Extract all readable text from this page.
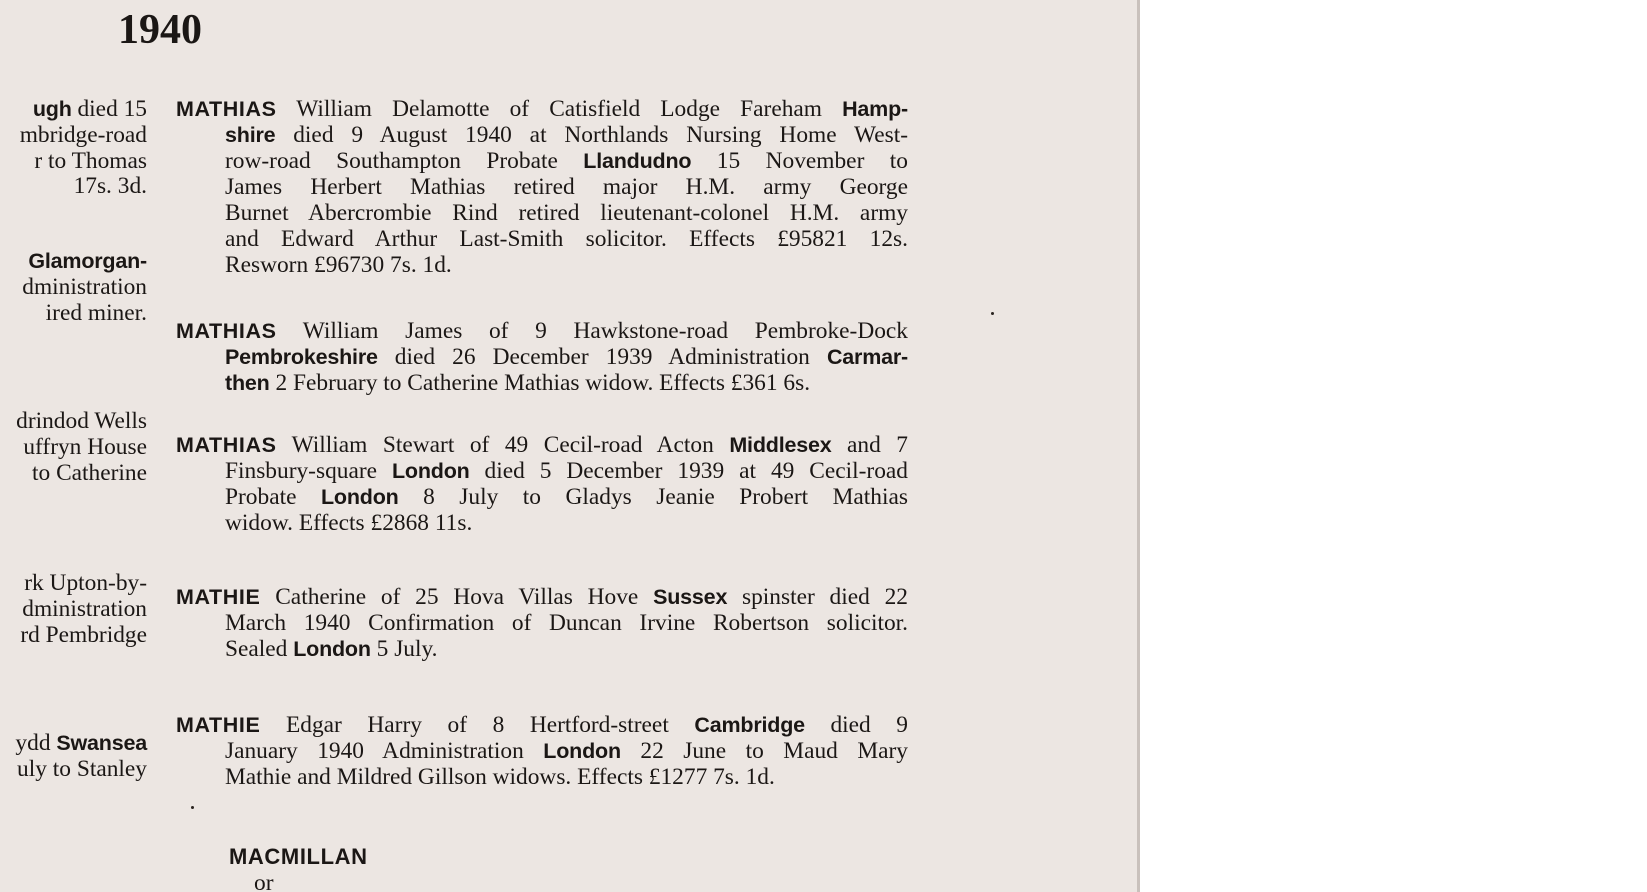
1940
ugh died 15
mbridge-road
r to Thomas
17s. 3d.
Glamorgan-
dministration
ired miner.
drindod Wells
uffryn House
to Catherine
rk Upton-by-
dministration
rd Pembridge
ydd Swansea
uly to Stanley
MATHIAS William Delamotte of Catisfield Lodge Fareham Hamp-
shire died 9 August 1940 at Northlands Nursing Home West-
row-road Southampton Probate Llandudno 15 November to
James Herbert Mathias retired major H.M. army George
Burnet Abercrombie Rind retired lieutenant-colonel H.M. army
and Edward Arthur Last-Smith solicitor. Effects £95821 12s.
Resworn £96730 7s. 1d.
MATHIAS William James of 9 Hawkstone-road Pembroke-Dock
Pembrokeshire died 26 December 1939 Administration Carmar-
then 2 February to Catherine Mathias widow. Effects £361 6s.
MATHIAS William Stewart of 49 Cecil-road Acton Middlesex and 7
Finsbury-square London died 5 December 1939 at 49 Cecil-road
Probate London 8 July to Gladys Jeanie Probert Mathias
widow. Effects £2868 11s.
MATHIE Catherine of 25 Hova Villas Hove Sussex spinster died 22
March 1940 Confirmation of Duncan Irvine Robertson solicitor.
Sealed London 5 July.
MATHIE Edgar Harry of 8 Hertford-street Cambridge died 9
January 1940 Administration London 22 June to Maud Mary
Mathie and Mildred Gillson widows. Effects £1277 7s. 1d.
MACMILLAN
or
